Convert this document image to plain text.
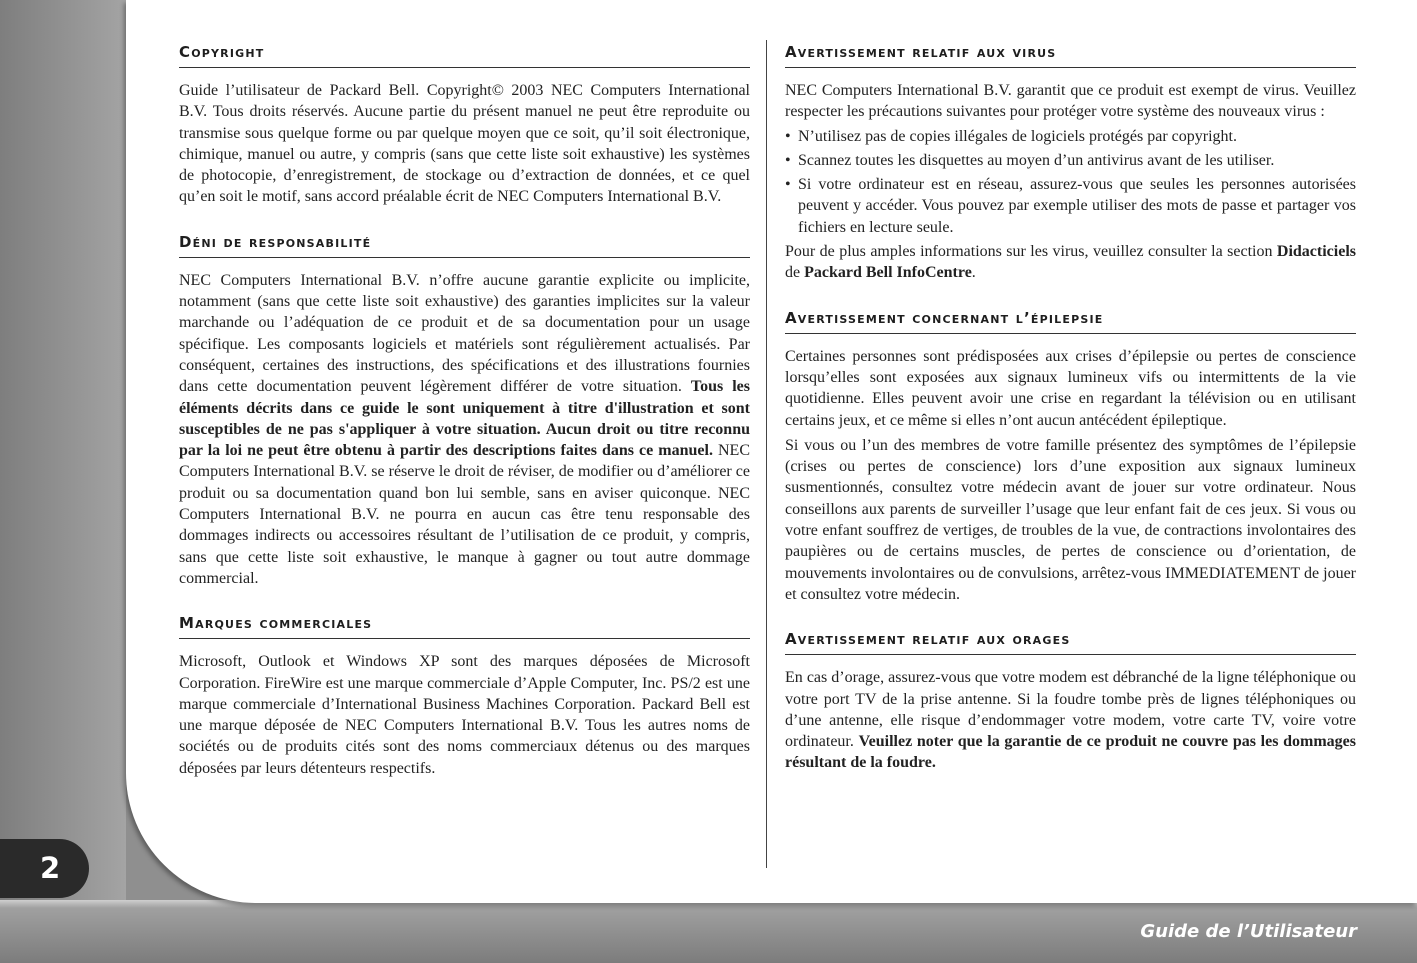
2
Guide de l’Utilisateur
Copyright

Guide l’utilisateur de Packard Bell. Copyright© 2003 NEC Computers International B.V. Tous droits réservés. Aucune partie du présent manuel ne peut être reproduite ou transmise sous quelque forme ou par quelque moyen que ce soit, qu’il soit électronique, chimique, manuel ou autre, y compris (sans que cette liste soit exhaustive) les systèmes de photocopie, d’enregistrement, de stockage ou d’extraction de données, et ce quel qu’en soit le motif, sans accord préalable écrit de NEC Computers International B.V.

Déni de responsabilité

NEC Computers International B.V. n’offre aucune garantie explicite ou implicite, notamment (sans que cette liste soit exhaustive) des garanties implicites sur la valeur marchande ou l’adéquation de ce produit et de sa documentation pour un usage spécifique. Les composants logiciels et matériels sont régulièrement actualisés. Par conséquent, certaines des instructions, des spécifications et des illustrations fournies dans cette documentation peuvent légèrement différer de votre situation. Tous les éléments décrits dans ce guide le sont uniquement à titre d'illustration et sont susceptibles de ne pas s'appliquer à votre situation. Aucun droit ou titre reconnu par la loi ne peut être obtenu à partir des descriptions faites dans ce manuel. NEC Computers International B.V. se réserve le droit de réviser, de modifier ou d’améliorer ce produit ou sa documentation quand bon lui semble, sans en aviser quiconque. NEC Computers International B.V. ne pourra en aucun cas être tenu responsable des dommages indirects ou accessoires résultant de l’utilisation de ce produit, y compris, sans que cette liste soit exhaustive, le manque à gagner ou tout autre dommage commercial.

Marques commerciales

Microsoft, Outlook et Windows XP sont des marques déposées de Microsoft Corporation. FireWire est une marque commerciale d’Apple Computer, Inc. PS/2 est une marque commerciale d’International Business Machines Corporation. Packard Bell est une marque déposée de NEC Computers International B.V. Tous les autres noms de sociétés ou de produits cités sont des noms commerciaux détenus ou des marques déposées par leurs détenteurs respectifs.

Avertissement relatif aux virus

NEC Computers International B.V. garantit que ce produit est exempt de virus. Veuillez respecter les précautions suivantes pour protéger votre système des nouveaux virus :

• N’utilisez pas de copies illégales de logiciels protégés par copyright.
• Scannez toutes les disquettes au moyen d’un antivirus avant de les utiliser.
• Si votre ordinateur est en réseau, assurez-vous que seules les personnes autorisées peuvent y accéder. Vous pouvez par exemple utiliser des mots de passe et partager vos fichiers en lecture seule.

Pour de plus amples informations sur les virus, veuillez consulter la section Didacticiels de Packard Bell InfoCentre.

Avertissement concernant l’épilepsie

Certaines personnes sont prédisposées aux crises d’épilepsie ou pertes de conscience lorsqu’elles sont exposées aux signaux lumineux vifs ou intermittents de la vie quotidienne. Elles peuvent avoir une crise en regardant la télévision ou en utilisant certains jeux, et ce même si elles n’ont aucun antécédent épileptique.

Si vous ou l’un des membres de votre famille présentez des symptômes de l’épilepsie (crises ou pertes de conscience) lors d’une exposition aux signaux lumineux susmentionnés, consultez votre médecin avant de jouer sur votre ordinateur. Nous conseillons aux parents de surveiller l’usage que leur enfant fait de ces jeux. Si vous ou votre enfant souffrez de vertiges, de troubles de la vue, de contractions involontaires des paupières ou de certains muscles, de pertes de conscience ou d’orientation, de mouvements involontaires ou de convulsions, arrêtez-vous IMMEDIATEMENT de jouer et consultez votre médecin.

Avertissement relatif aux orages

En cas d’orage, assurez-vous que votre modem est débranché de la ligne téléphonique ou votre port TV de la prise antenne. Si la foudre tombe près de lignes téléphoniques ou d’une antenne, elle risque d’endommager votre modem, votre carte TV, voire votre ordinateur. Veuillez noter que la garantie de ce produit ne couvre pas les dommages résultant de la foudre.
